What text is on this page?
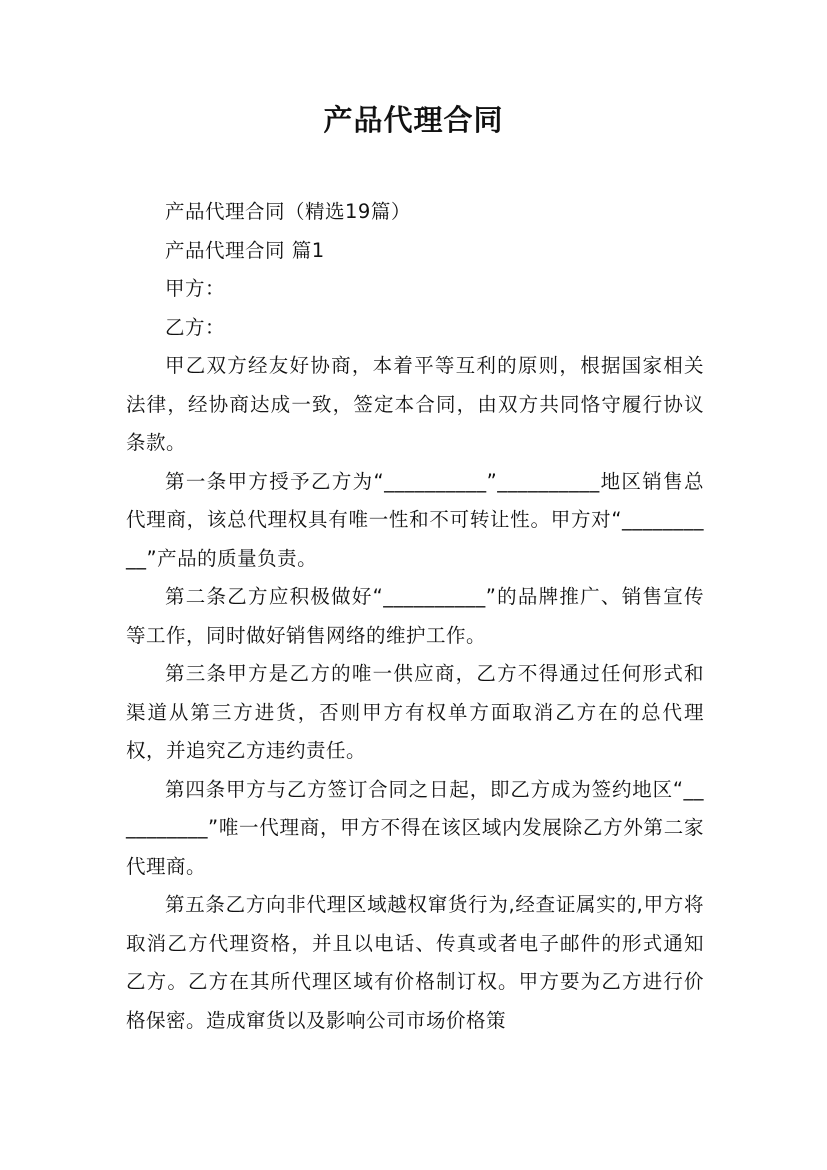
产品代理合同

产品代理合同（精选19篇）

产品代理合同 篇1

甲方：

乙方：

甲乙双方经友好协商，本着平等互利的原则，根据国家相关法律，经协商达成一致，签定本合同，由双方共同恪守履行协议条款。

第一条甲方授予乙方为“__________”__________地区销售总代理商，该总代理权具有唯一性和不可转让性。甲方对“__________”产品的质量负责。

第二条乙方应积极做好“__________”的品牌推广、销售宣传等工作，同时做好销售网络的维护工作。

第三条甲方是乙方的唯一供应商，乙方不得通过任何形式和渠道从第三方进货，否则甲方有权单方面取消乙方在的总代理权，并追究乙方违约责任。

第四条甲方与乙方签订合同之日起，即乙方成为签约地区“__________”唯一代理商，甲方不得在该区域内发展除乙方外第二家代理商。

第五条乙方向非代理区域越权窜货行为,经查证属实的,甲方将取消乙方代理资格，并且以电话、传真或者电子邮件的形式通知乙方。乙方在其所代理区域有价格制订权。甲方要为乙方进行价格保密。造成窜货以及影响公司市场价格策
